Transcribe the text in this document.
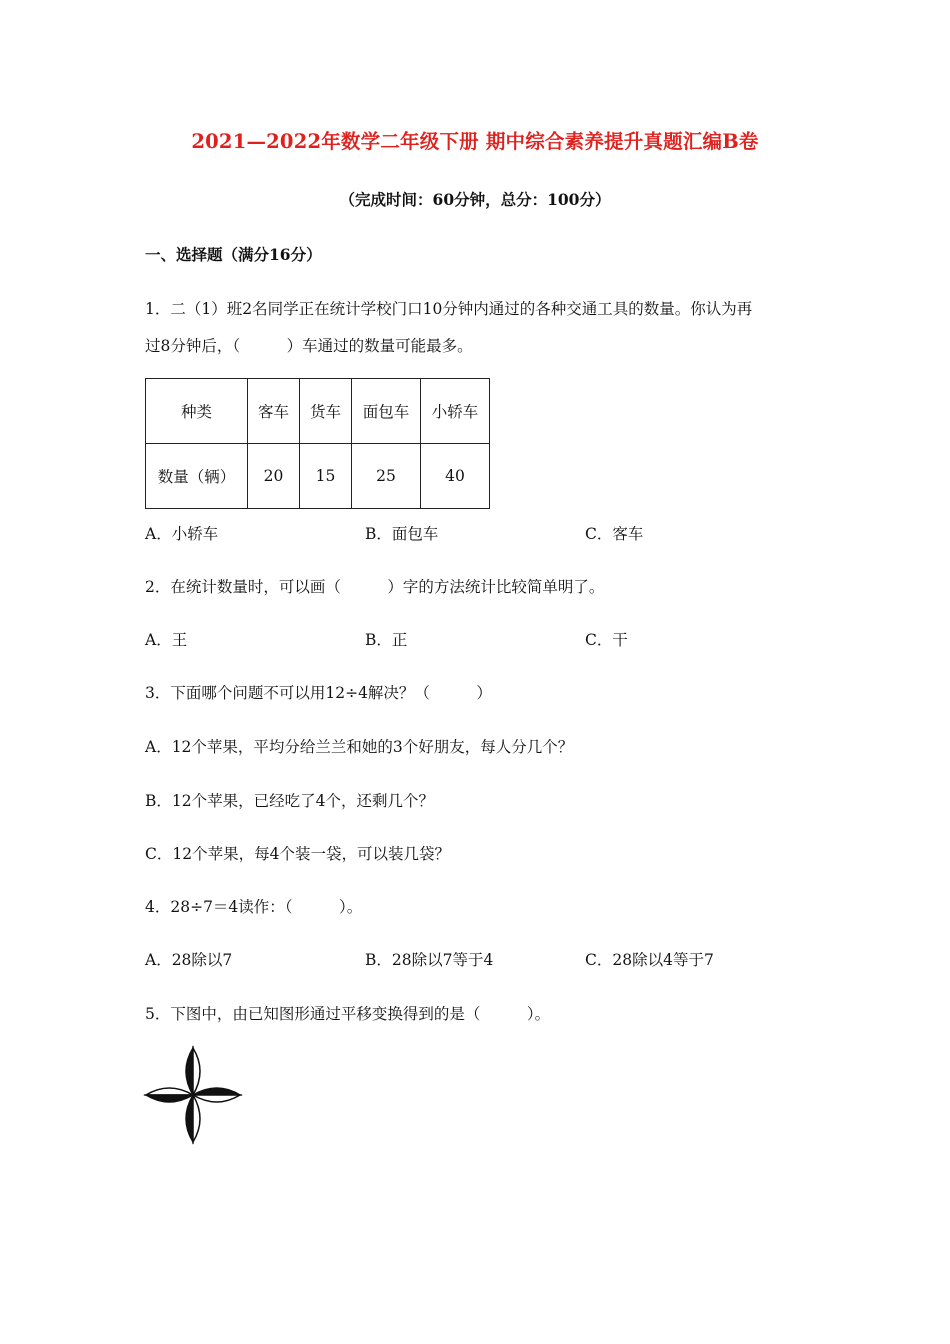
2021—2022年数学二年级下册 期中综合素养提升真题汇编B卷
（完成时间：60分钟，总分：100分）
一、选择题（满分16分）
1．二（1）班2名同学正在统计学校门口10分钟内通过的各种交通工具的数量。你认为再
过8分钟后，（　　　）车通过的数量可能最多。
种类	客车	货车	面包车	小轿车
数量（辆）	20	15	25	40
A．小轿车	B．面包车	C．客车
2．在统计数量时，可以画（　　　）字的方法统计比较简单明了。
A．王	B．正	C．干
3．下面哪个问题不可以用12÷4解决？（　　　）
A．12个苹果，平均分给兰兰和她的3个好朋友，每人分几个？
B．12个苹果，已经吃了4个，还剩几个？
C．12个苹果，每4个装一袋，可以装几袋？
4．28÷7＝4读作：（　　　）。
A．28除以7	B．28除以7等于4	C．28除以4等于7
5．下图中，由已知图形通过平移变换得到的是（　　　）。
